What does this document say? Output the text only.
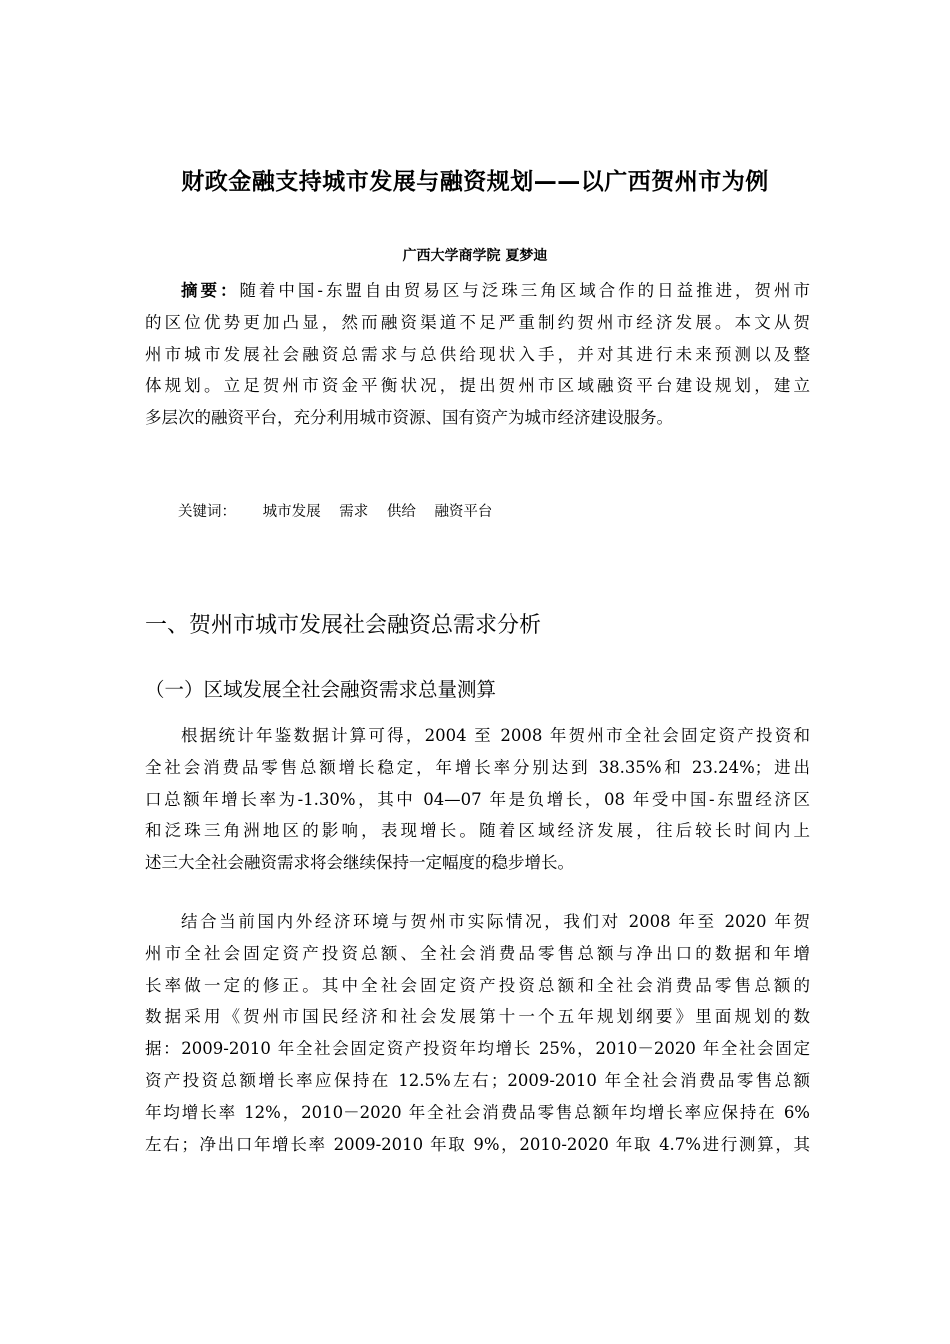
财政金融支持城市发展与融资规划——以广西贺州市为例
广西大学商学院 夏梦迪
摘要：随着中国-东盟自由贸易区与泛珠三角区域合作的日益推进，贺州市
的区位优势更加凸显，然而融资渠道不足严重制约贺州市经济发展。本文从贺
州市城市发展社会融资总需求与总供给现状入手，并对其进行未来预测以及整
体规划。立足贺州市资金平衡状况，提出贺州市区域融资平台建设规划，建立
多层次的融资平台，充分利用城市资源、国有资产为城市经济建设服务。
关键词： 城市发展 需求 供给 融资平台
一、贺州市城市发展社会融资总需求分析
（一）区域发展全社会融资需求总量测算
根据统计年鉴数据计算可得，2004 至 2008 年贺州市全社会固定资产投资和
全社会消费品零售总额增长稳定，年增长率分别达到 38.35%和 23.24%；进出
口总额年增长率为-1.30%，其中 04—07 年是负增长，08 年受中国-东盟经济区
和泛珠三角洲地区的影响，表现增长。随着区域经济发展，往后较长时间内上
述三大全社会融资需求将会继续保持一定幅度的稳步增长。
结合当前国内外经济环境与贺州市实际情况，我们对 2008 年至 2020 年贺
州市全社会固定资产投资总额、全社会消费品零售总额与净出口的数据和年增
长率做一定的修正。其中全社会固定资产投资总额和全社会消费品零售总额的
数据采用《贺州市国民经济和社会发展第十一个五年规划纲要》里面规划的数
据：2009-2010 年全社会固定资产投资年均增长 25%，2010－2020 年全社会固定
资产投资总额增长率应保持在 12.5%左右；2009-2010 年全社会消费品零售总额
年均增长率 12%，2010－2020 年全社会消费品零售总额年均增长率应保持在 6%
左右；净出口年增长率 2009-2010 年取 9%，2010-2020 年取 4.7%进行测算，其
